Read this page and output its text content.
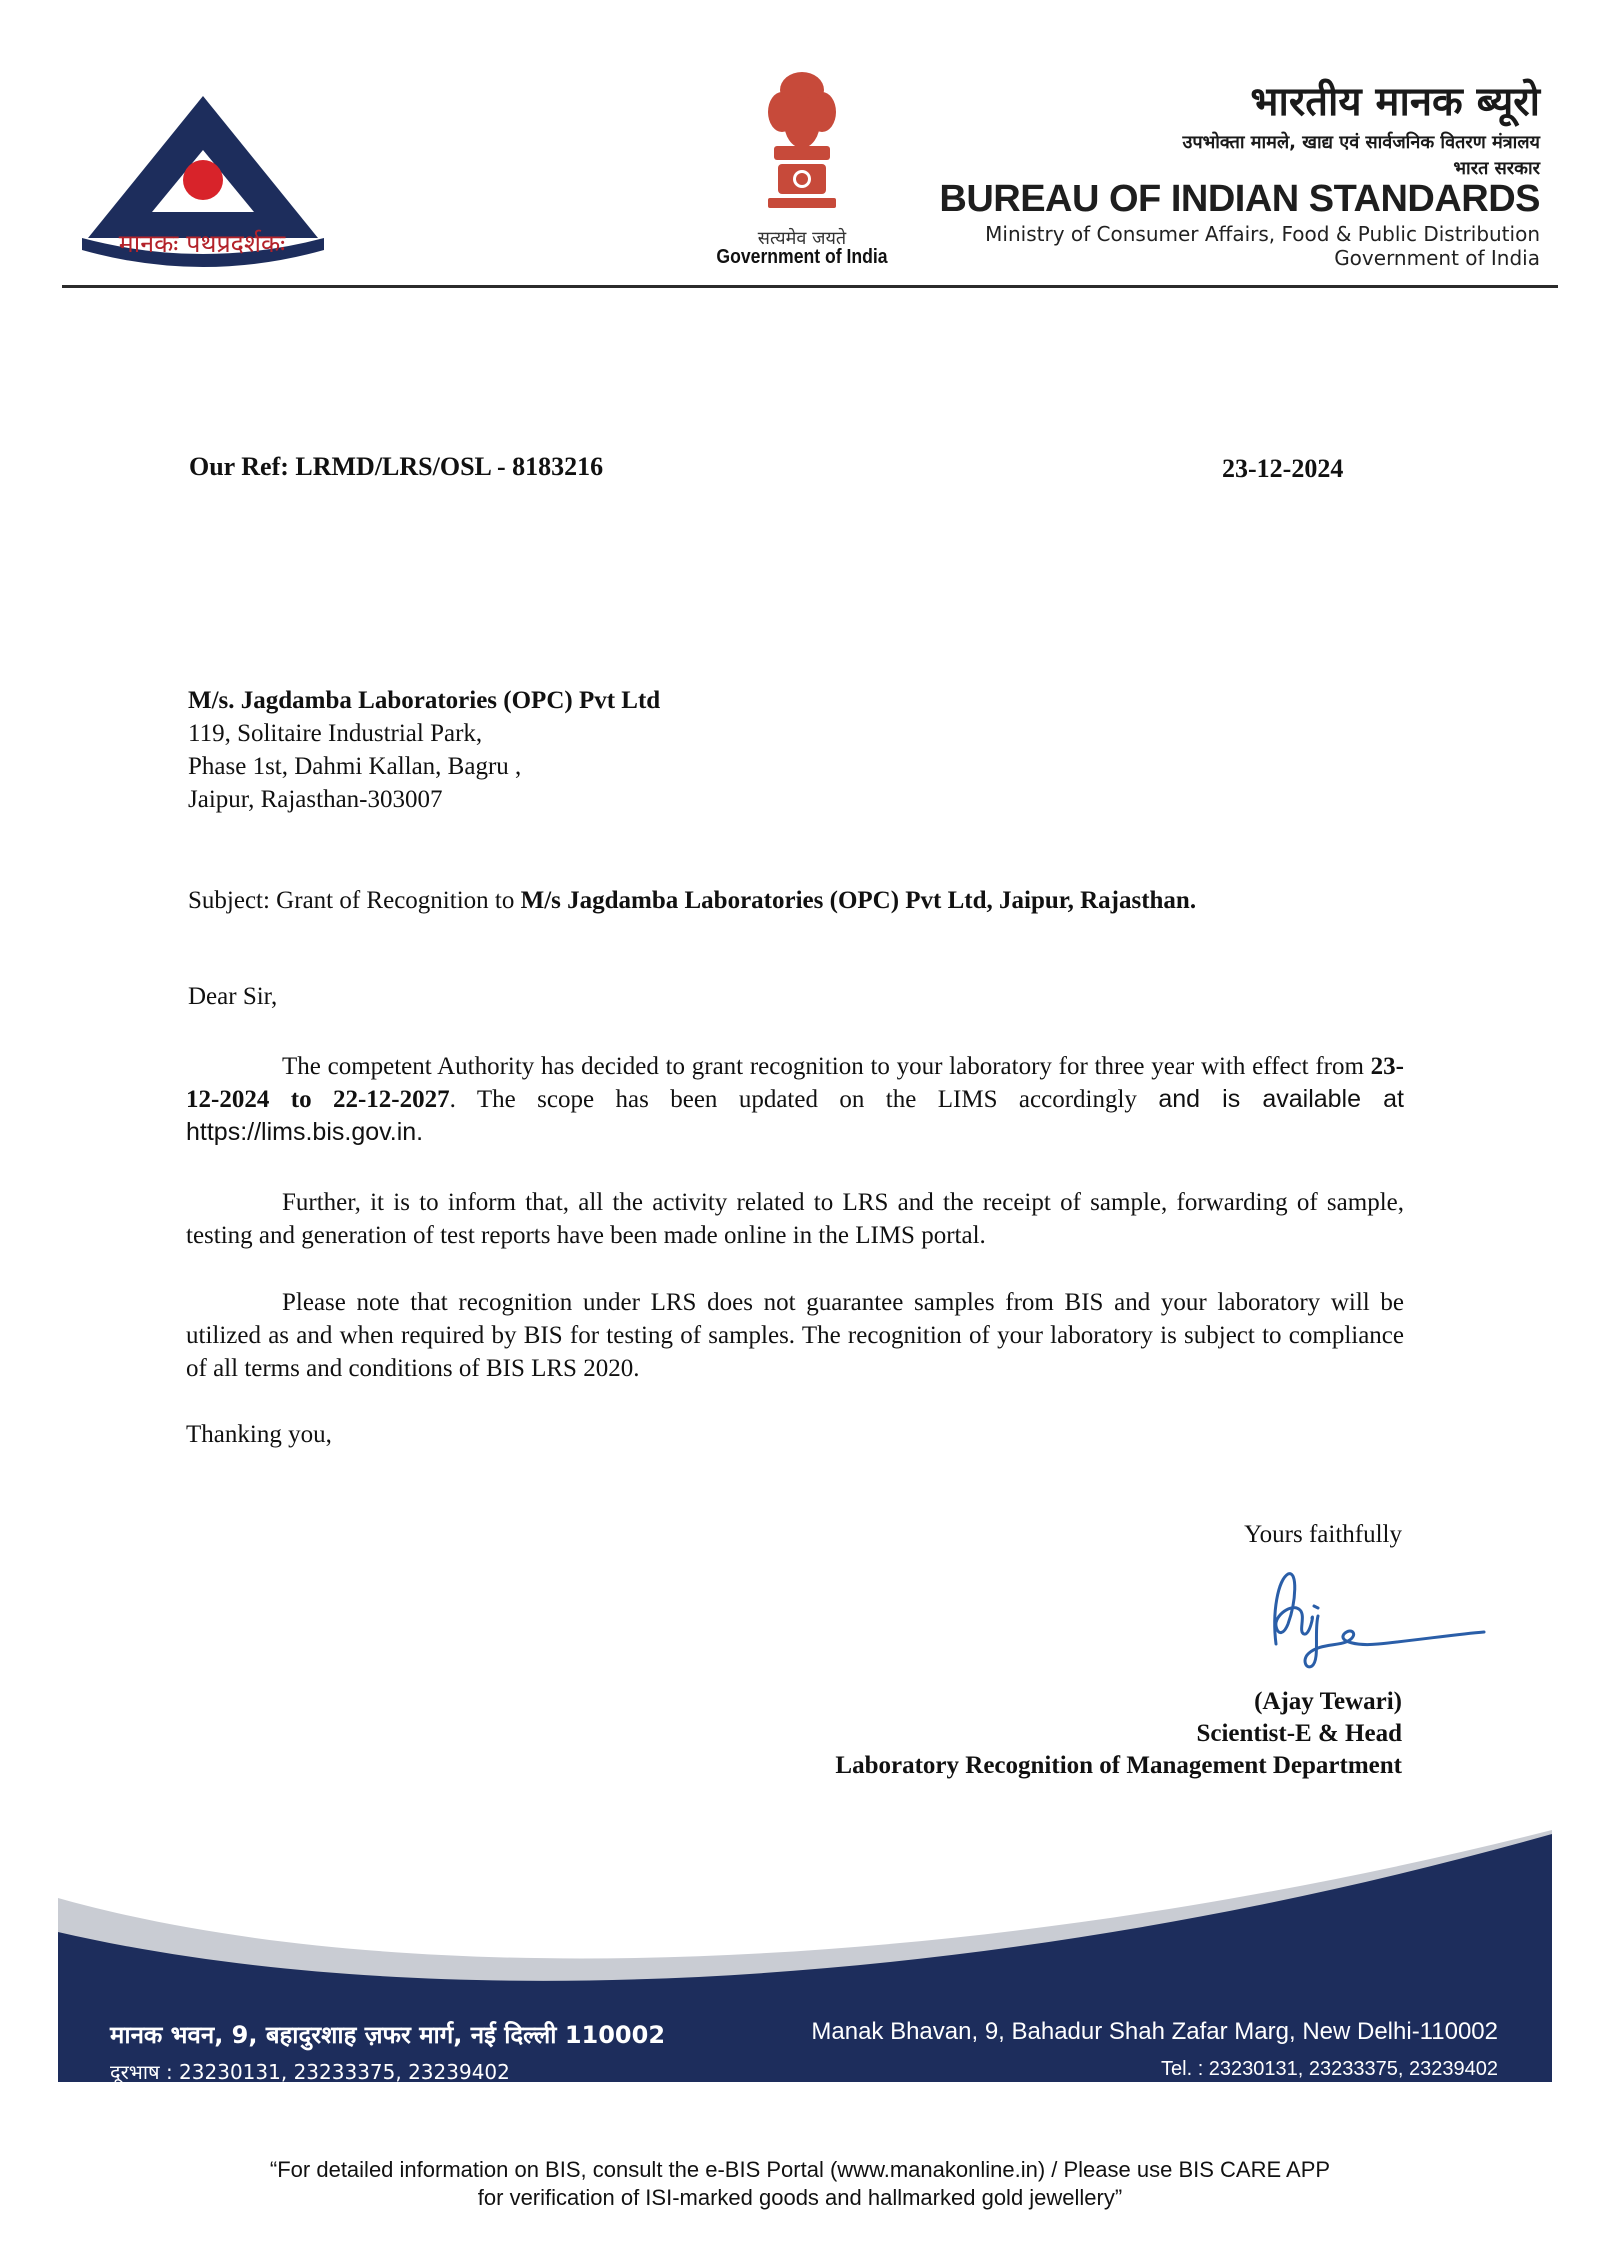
मानकः पथप्रदर्शकः	सत्यमेव जयते
Government of India
भारतीय मानक ब्यूरो
उपभोक्ता मामले, खाद्य एवं सार्वजनिक वितरण मंत्रालय
भारत सरकार
BUREAU OF INDIAN STANDARDS
Ministry of Consumer Affairs, Food & Public Distribution
Government of India
Our Ref: LRMD/LRS/OSL - 8183216	23-12-2024
M/s. Jagdamba Laboratories (OPC) Pvt Ltd
119, Solitaire Industrial Park,
Phase 1st, Dahmi Kallan, Bagru ,
Jaipur, Rajasthan-303007
Subject: Grant of Recognition to M/s Jagdamba Laboratories (OPC) Pvt Ltd, Jaipur, Rajasthan.
Dear Sir,
The competent Authority has decided to grant recognition to your laboratory for three year with effect from 23-12-2024 to 22-12-2027. The scope has been updated on the LIMS accordingly and is available at https://lims.bis.gov.in.
Further, it is to inform that, all the activity related to LRS and the receipt of sample, forwarding of sample, testing and generation of test reports have been made online in the LIMS portal.
Please note that recognition under LRS does not guarantee samples from BIS and your laboratory will be utilized as and when required by BIS for testing of samples. The recognition of your laboratory is subject to compliance of all terms and conditions of BIS LRS 2020.
Thanking you,
Yours faithfully
(Ajay Tewari)
Scientist-E & Head
Laboratory Recognition of Management Department
मानक भवन, 9, बहादुरशाह ज़फर मार्ग, नई दिल्ली 110002
दूरभाष : 23230131, 23233375, 23239402
ई–मेल : info@bis.gov.in वेबसाईट : www.bis.gov.in
Manak Bhavan, 9, Bahadur Shah Zafar Marg, New Delhi-110002
Tel. : 23230131, 23233375, 23239402
e-mail : info@bis.gov.in Website : www.bis.gov.in
“For detailed information on BIS, consult the e-BIS Portal (www.manakonline.in) / Please use BIS CARE APP
for verification of ISI-marked goods and hallmarked gold jewellery”
